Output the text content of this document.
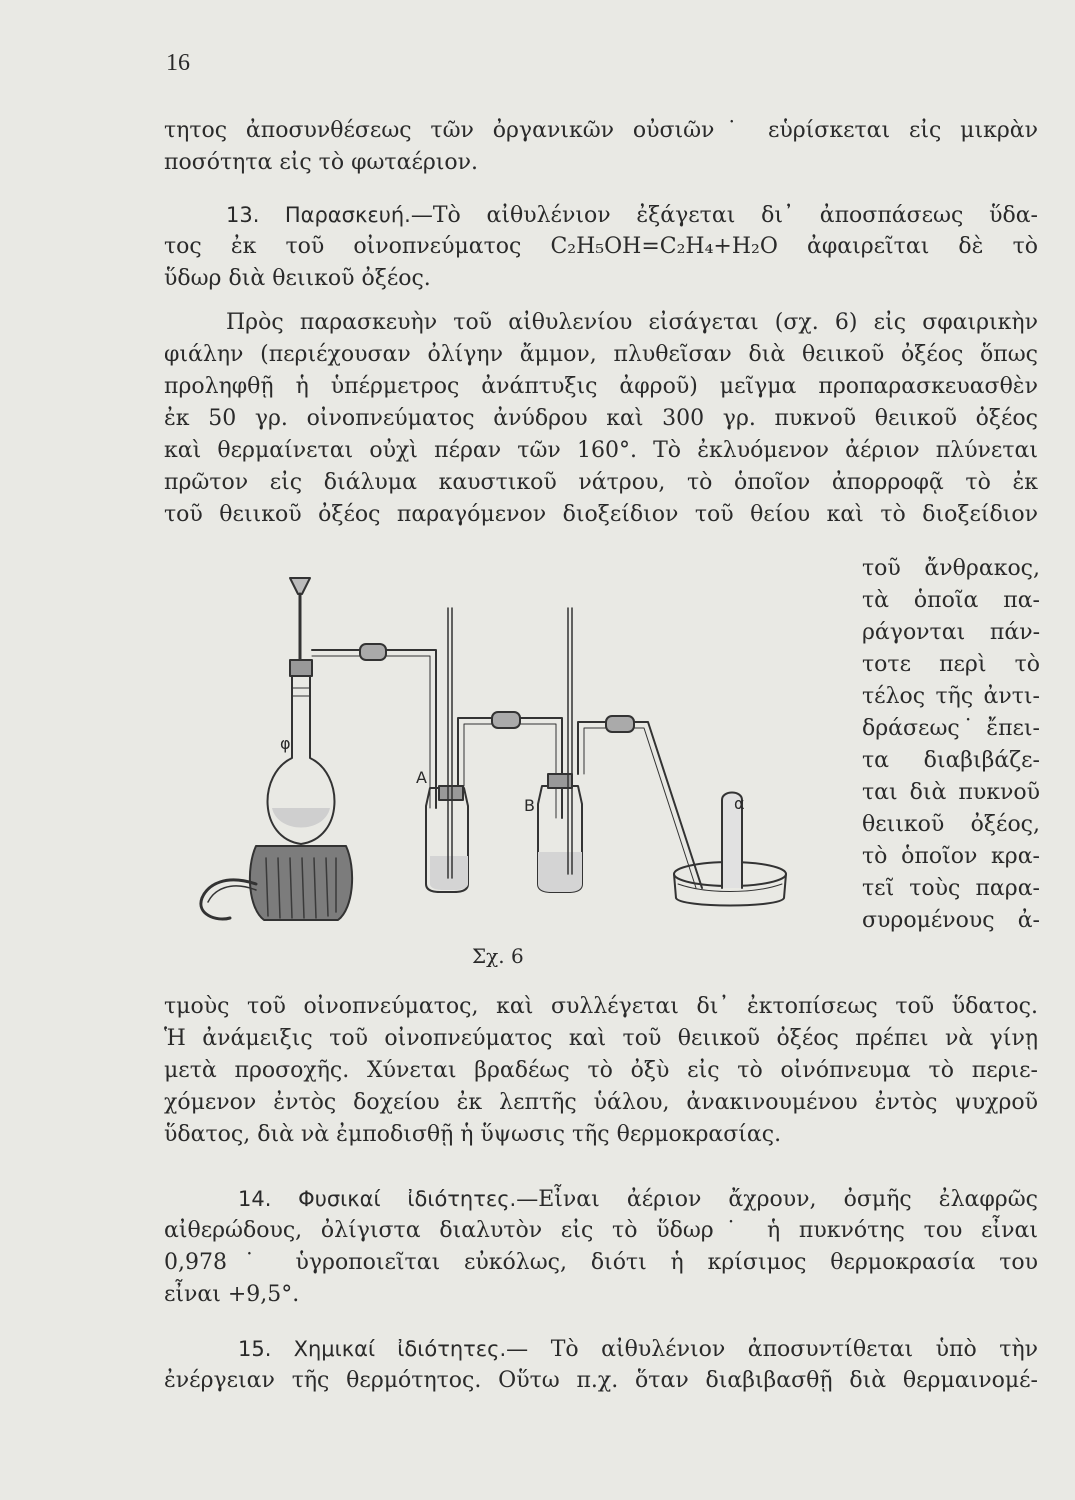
16
τητος ἀποσυνθέσεως τῶν ὀργανικῶν οὐσιῶν˙ εὑρίσκεται εἰς μικρὰν
ποσότητα εἰς τὸ φωταέριον.
13. Παρασκευή.—Τὸ αἰθυλένιον ἐξάγεται δι᾽ ἀποσπάσεως ὕδα-
τος ἐκ τοῦ οἰνοπνεύματος C₂H₅OH=C₂H₄+H₂O ἀφαιρεῖται δὲ τὸ
ὕδωρ διὰ θειικοῦ ὀξέος.
Πρὸς παρασκευὴν τοῦ αἰθυλενίου εἰσάγεται (σχ. 6) εἰς σφαιρικὴν
φιάλην (περιέχουσαν ὀλίγην ἄμμον, πλυθεῖσαν διὰ θειικοῦ ὀξέος ὅπως
προληφθῇ ἡ ὑπέρμετρος ἀνάπτυξις ἀφροῦ) μεῖγμα προπαρασκευασθὲν
ἐκ 50 γρ. οἰνοπνεύματος ἀνύδρου καὶ 300 γρ. πυκνοῦ θειικοῦ ὀξέος
καὶ θερμαίνεται οὐχὶ πέραν τῶν 160°. Τὸ ἐκλυόμενον ἀέριον πλύνεται
πρῶτον εἰς διάλυμα καυστικοῦ νάτρου, τὸ ὁποῖον ἀπορροφᾷ τὸ ἐκ
τοῦ θειικοῦ ὀξέος παραγόμενον διοξείδιον τοῦ θείου καὶ τὸ διοξείδιον
τοῦ ἄνθρακος,
τὰ ὁποῖα πα-
ράγονται πάν-
τοτε περὶ τὸ
τέλος τῆς ἀντι-
δράσεως˙ ἔπει-
τα διαβιβάζε-
ται διὰ πυκνοῦ
θειικοῦ ὀξέος,
τὸ ὁποῖον κρα-
τεῖ τοὺς παρα-
συρομένους ἀ-
φ
A
B	α
Σχ. 6
τμοὺς τοῦ οἰνοπνεύματος, καὶ συλλέγεται δι᾽ ἐκτοπίσεως τοῦ ὕδατος.
Ἡ ἀνάμειξις τοῦ οἰνοπνεύματος καὶ τοῦ θειικοῦ ὀξέος πρέπει νὰ γίνῃ
μετὰ προσοχῆς. Χύνεται βραδέως τὸ ὀξὺ εἰς τὸ οἰνόπνευμα τὸ περιε-
χόμενον ἐντὸς δοχείου ἐκ λεπτῆς ὑάλου, ἀνακινουμένου ἐντὸς ψυχροῦ
ὕδατος, διὰ νὰ ἐμποδισθῇ ἡ ὕψωσις τῆς θερμοκρασίας.
14. Φυσικαί ἰδιότητες.—Εἶναι ἀέριον ἄχρουν, ὀσμῆς ἐλαφρῶς
αἰθερώδους, ὀλίγιστα διαλυτὸν εἰς τὸ ὕδωρ˙ ἡ πυκνότης του εἶναι
0,978˙ ὑγροποιεῖται εὐκόλως, διότι ἡ κρίσιμος θερμοκρασία του
εἶναι +9,5°.
15. Χημικαί ἰδιότητες.— Τὸ αἰθυλένιον ἀποσυντίθεται ὑπὸ τὴν
ἐνέργειαν τῆς θερμότητος. Οὕτω π.χ. ὅταν διαβιβασθῇ διὰ θερμαινομέ-
